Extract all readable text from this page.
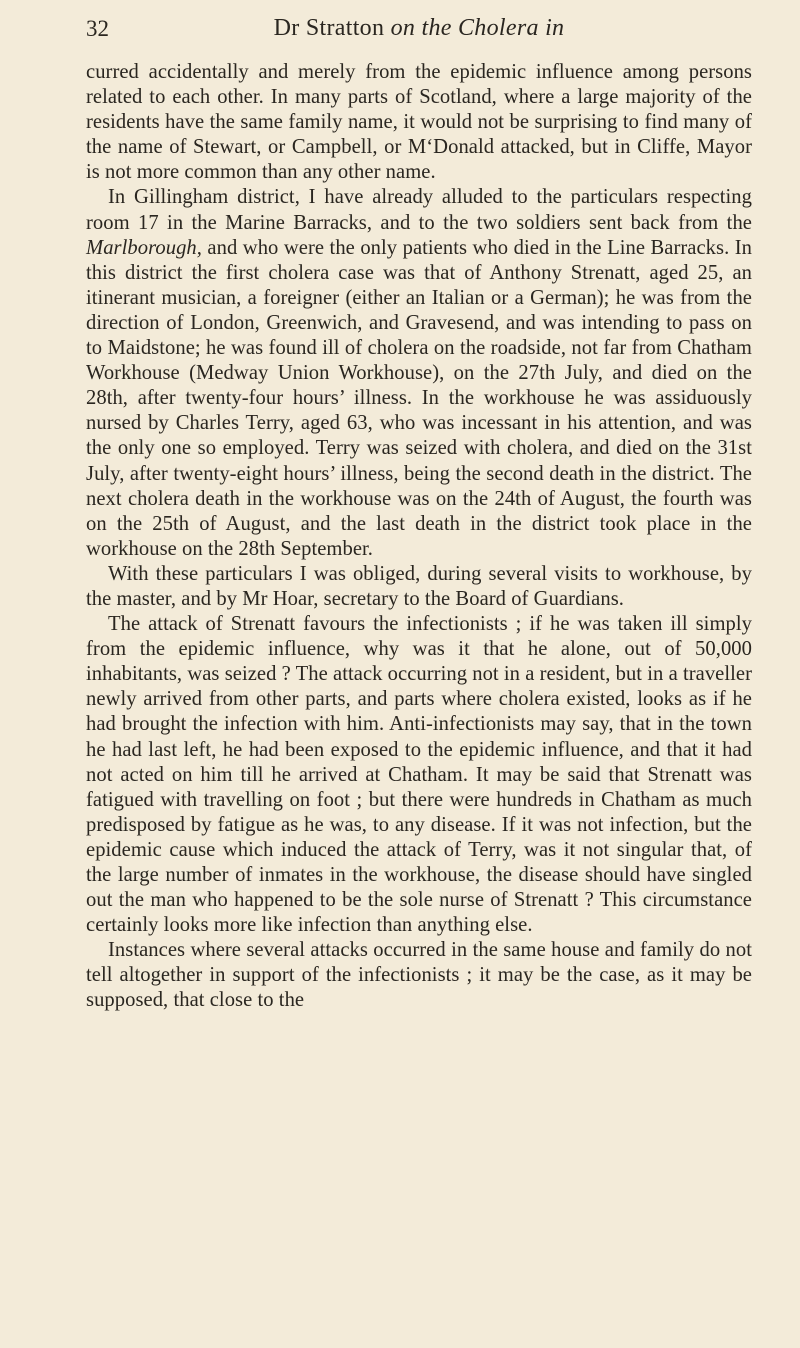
32	Dr Stratton on the Cholera in

curred accidentally and merely from the epidemic influence among persons related to each other. In many parts of Scotland, where a large majority of the residents have the same family name, it would not be surprising to find many of the name of Stewart, or Campbell, or M‘Donald attacked, but in Cliffe, Mayor is not more common than any other name.

In Gillingham district, I have already alluded to the particulars respecting room 17 in the Marine Barracks, and to the two soldiers sent back from the Marlborough, and who were the only patients who died in the Line Barracks. In this district the first cholera case was that of Anthony Strenatt, aged 25, an itinerant musician, a foreigner (either an Italian or a German); he was from the direction of London, Greenwich, and Gravesend, and was intending to pass on to Maidstone; he was found ill of cholera on the roadside, not far from Chatham Workhouse (Medway Union Workhouse), on the 27th July, and died on the 28th, after twenty-four hours’ illness. In the workhouse he was assiduously nursed by Charles Terry, aged 63, who was incessant in his attention, and was the only one so employed. Terry was seized with cholera, and died on the 31st July, after twenty-eight hours’ illness, being the second death in the district. The next cholera death in the workhouse was on the 24th of August, the fourth was on the 25th of August, and the last death in the district took place in the workhouse on the 28th September.

With these particulars I was obliged, during several visits to workhouse, by the master, and by Mr Hoar, secretary to the Board of Guardians.

The attack of Strenatt favours the infectionists ; if he was taken ill simply from the epidemic influence, why was it that he alone, out of 50,000 inhabitants, was seized ? The attack occurring not in a resident, but in a traveller newly arrived from other parts, and parts where cholera existed, looks as if he had brought the infection with him. Anti-infectionists may say, that in the town he had last left, he had been exposed to the epidemic influence, and that it had not acted on him till he arrived at Chatham. It may be said that Strenatt was fatigued with travelling on foot ; but there were hundreds in Chatham as much predisposed by fatigue as he was, to any disease. If it was not infection, but the epidemic cause which induced the attack of Terry, was it not singular that, of the large number of inmates in the workhouse, the disease should have singled out the man who happened to be the sole nurse of Strenatt ? This circumstance certainly looks more like infection than anything else.

Instances where several attacks occurred in the same house and family do not tell altogether in support of the infectionists ; it may be the case, as it may be supposed, that close to the
